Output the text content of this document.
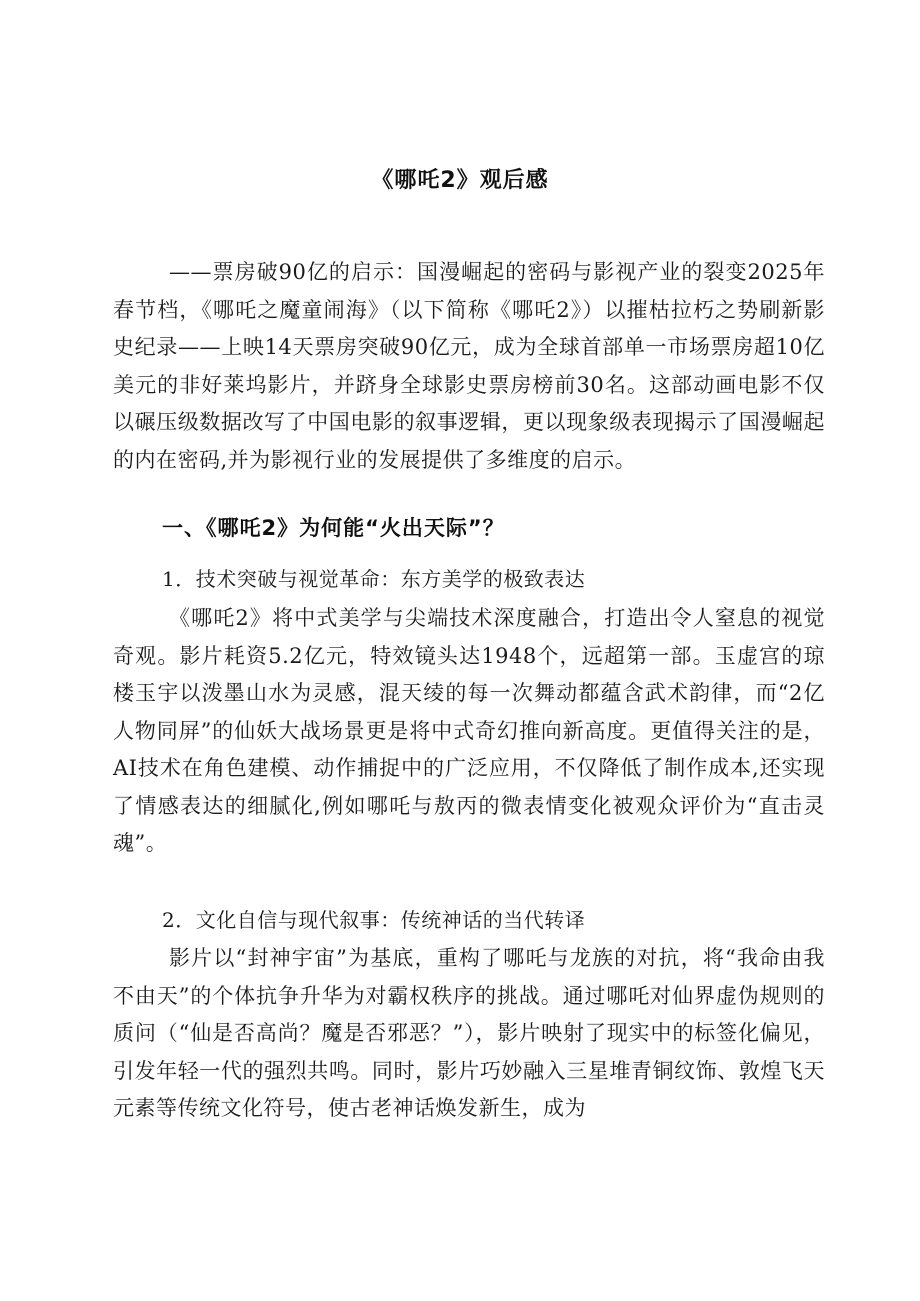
《哪吒2》观后感

——票房破90亿的启示：国漫崛起的密码与影视产业的裂变2025年春节档，《哪吒之魔童闹海》（以下简称《哪吒2》）以摧枯拉朽之势刷新影史纪录——上映14天票房突破90亿元，成为全球首部单一市场票房超10亿美元的非好莱坞影片，并跻身全球影史票房榜前30名。这部动画电影不仅以碾压级数据改写了中国电影的叙事逻辑，更以现象级表现揭示了国漫崛起的内在密码,并为影视行业的发展提供了多维度的启示。

一、《哪吒2》为何能“火出天际”？
1．技术突破与视觉革命：东方美学的极致表达

《哪吒2》将中式美学与尖端技术深度融合，打造出令人窒息的视觉奇观。影片耗资5.2亿元，特效镜头达1948个，远超第一部。玉虚宫的琼楼玉宇以泼墨山水为灵感，混天绫的每一次舞动都蕴含武术韵律，而“2亿人物同屏”的仙妖大战场景更是将中式奇幻推向新高度。更值得关注的是，AI技术在角色建模、动作捕捉中的广泛应用，不仅降低了制作成本,还实现了情感表达的细腻化,例如哪吒与敖丙的微表情变化被观众评价为“直击灵魂”。

2．文化自信与现代叙事：传统神话的当代转译

影片以“封神宇宙”为基底，重构了哪吒与龙族的对抗，将“我命由我不由天”的个体抗争升华为对霸权秩序的挑战。通过哪吒对仙界虚伪规则的质问（“仙是否高尚？魔是否邪恶？”），影片映射了现实中的标签化偏见，引发年轻一代的强烈共鸣。同时，影片巧妙融入三星堆青铜纹饰、敦煌飞天元素等传统文化符号，使古老神话焕发新生，成为
